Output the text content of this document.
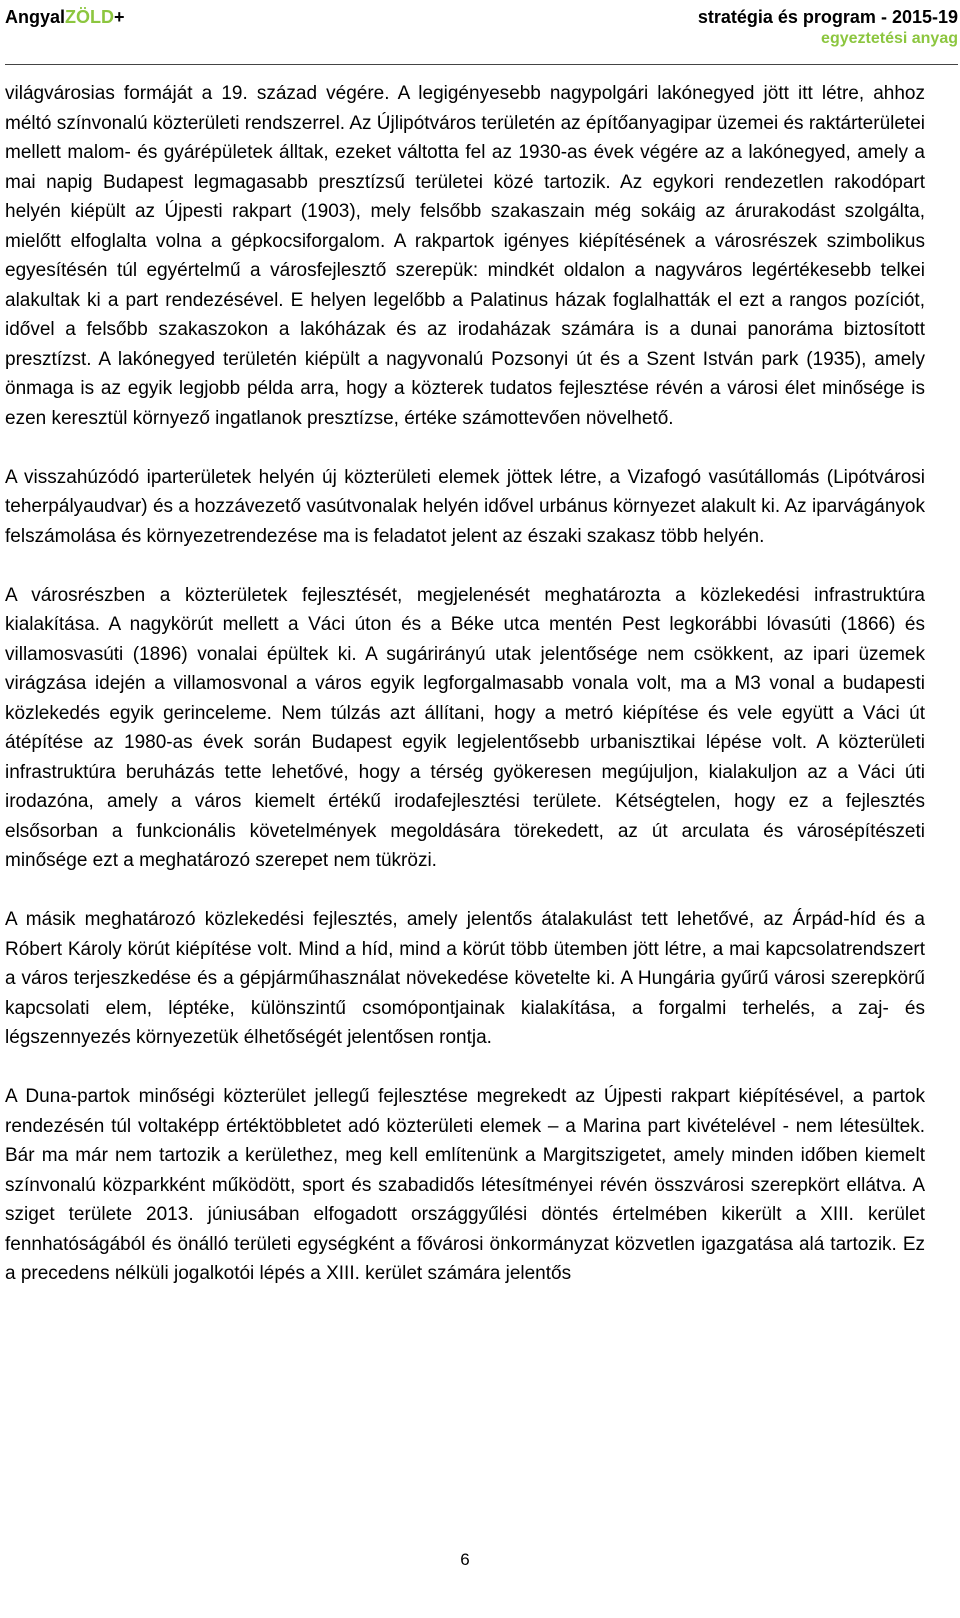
AngyalZÖLD+	stratégia és program - 2015-19
egyeztetési anyag

világvárosias formáját a 19. század végére. A legigényesebb nagypolgári lakónegyed jött itt létre, ahhoz méltó színvonalú közterületi rendszerrel. Az Újlipótváros területén az építőanyagipar üzemei és raktárterületei mellett malom- és gyárépületek álltak, ezeket váltotta fel az 1930-as évek végére az a lakónegyed, amely a mai napig Budapest legmagasabb presztízsű területei közé tartozik. Az egykori rendezetlen rakodópart helyén kiépült az Újpesti rakpart (1903), mely felsőbb szakaszain még sokáig az árurakodást szolgálta, mielőtt elfoglalta volna a gépkocsiforgalom. A rakpartok igényes kiépítésének a városrészek szimbolikus egyesítésén túl egyértelmű a városfejlesztő szerepük: mindkét oldalon a nagyváros legértékesebb telkei alakultak ki a part rendezésével. E helyen legelőbb a Palatinus házak foglalhatták el ezt a rangos pozíciót, idővel a felsőbb szakaszokon a lakóházak és az irodaházak számára is a dunai panoráma biztosított presztízst. A lakónegyed területén kiépült a nagyvonalú Pozsonyi út és a Szent István park (1935), amely önmaga is az egyik legjobb példa arra, hogy a közterek tudatos fejlesztése révén a városi élet minősége is ezen keresztül környező ingatlanok presztízse, értéke számottevően növelhető.

A visszahúzódó iparterületek helyén új közterületi elemek jöttek létre, a Vizafogó vasútállomás (Lipótvárosi teherpályaudvar) és a hozzávezető vasútvonalak helyén idővel urbánus környezet alakult ki. Az iparvágányok felszámolása és környezetrendezése ma is feladatot jelent az északi szakasz több helyén.

A városrészben a közterületek fejlesztését, megjelenését meghatározta a közlekedési infrastruktúra kialakítása. A nagykörút mellett a Váci úton és a Béke utca mentén Pest legkorábbi lóvasúti (1866) és villamosvasúti (1896) vonalai épültek ki. A sugárirányú utak jelentősége nem csökkent, az ipari üzemek virágzása idején a villamosvonal a város egyik legforgalmasabb vonala volt, ma a M3 vonal a budapesti közlekedés egyik gerinceleme. Nem túlzás azt állítani, hogy a metró kiépítése és vele együtt a Váci út átépítése az 1980-as évek során Budapest egyik legjelentősebb urbanisztikai lépése volt. A közterületi infrastruktúra beruházás tette lehetővé, hogy a térség gyökeresen megújuljon, kialakuljon az a Váci úti irodazóna, amely a város kiemelt értékű irodafejlesztési területe. Kétségtelen, hogy ez a fejlesztés elsősorban a funkcionális követelmények megoldására törekedett, az út arculata és városépítészeti minősége ezt a meghatározó szerepet nem tükrözi.

A másik meghatározó közlekedési fejlesztés, amely jelentős átalakulást tett lehetővé, az Árpád-híd és a Róbert Károly körút kiépítése volt. Mind a híd, mind a körút több ütemben jött létre, a mai kapcsolatrendszert a város terjeszkedése és a gépjárműhasználat növekedése követelte ki. A Hungária gyűrű városi szerepkörű kapcsolati elem, léptéke, különszintű csomópontjainak kialakítása, a forgalmi terhelés, a zaj- és légszennyezés környezetük élhetőségét jelentősen rontja.

A Duna-partok minőségi közterület jellegű fejlesztése megrekedt az Újpesti rakpart kiépítésével, a partok rendezésén túl voltaképp értéktöbbletet adó közterületi elemek – a Marina part kivételével - nem létesültek. Bár ma már nem tartozik a kerülethez, meg kell említenünk a Margitszigetet, amely minden időben kiemelt színvonalú közparkként működött, sport és szabadidős létesítményei révén összvárosi szerepkört ellátva. A sziget területe 2013. júniusában elfogadott országgyűlési döntés értelmében kikerült a XIII. kerület fennhatóságából és önálló területi egységként a fővárosi önkormányzat közvetlen igazgatása alá tartozik. Ez a precedens nélküli jogalkotói lépés a XIII. kerület számára jelentős

6
